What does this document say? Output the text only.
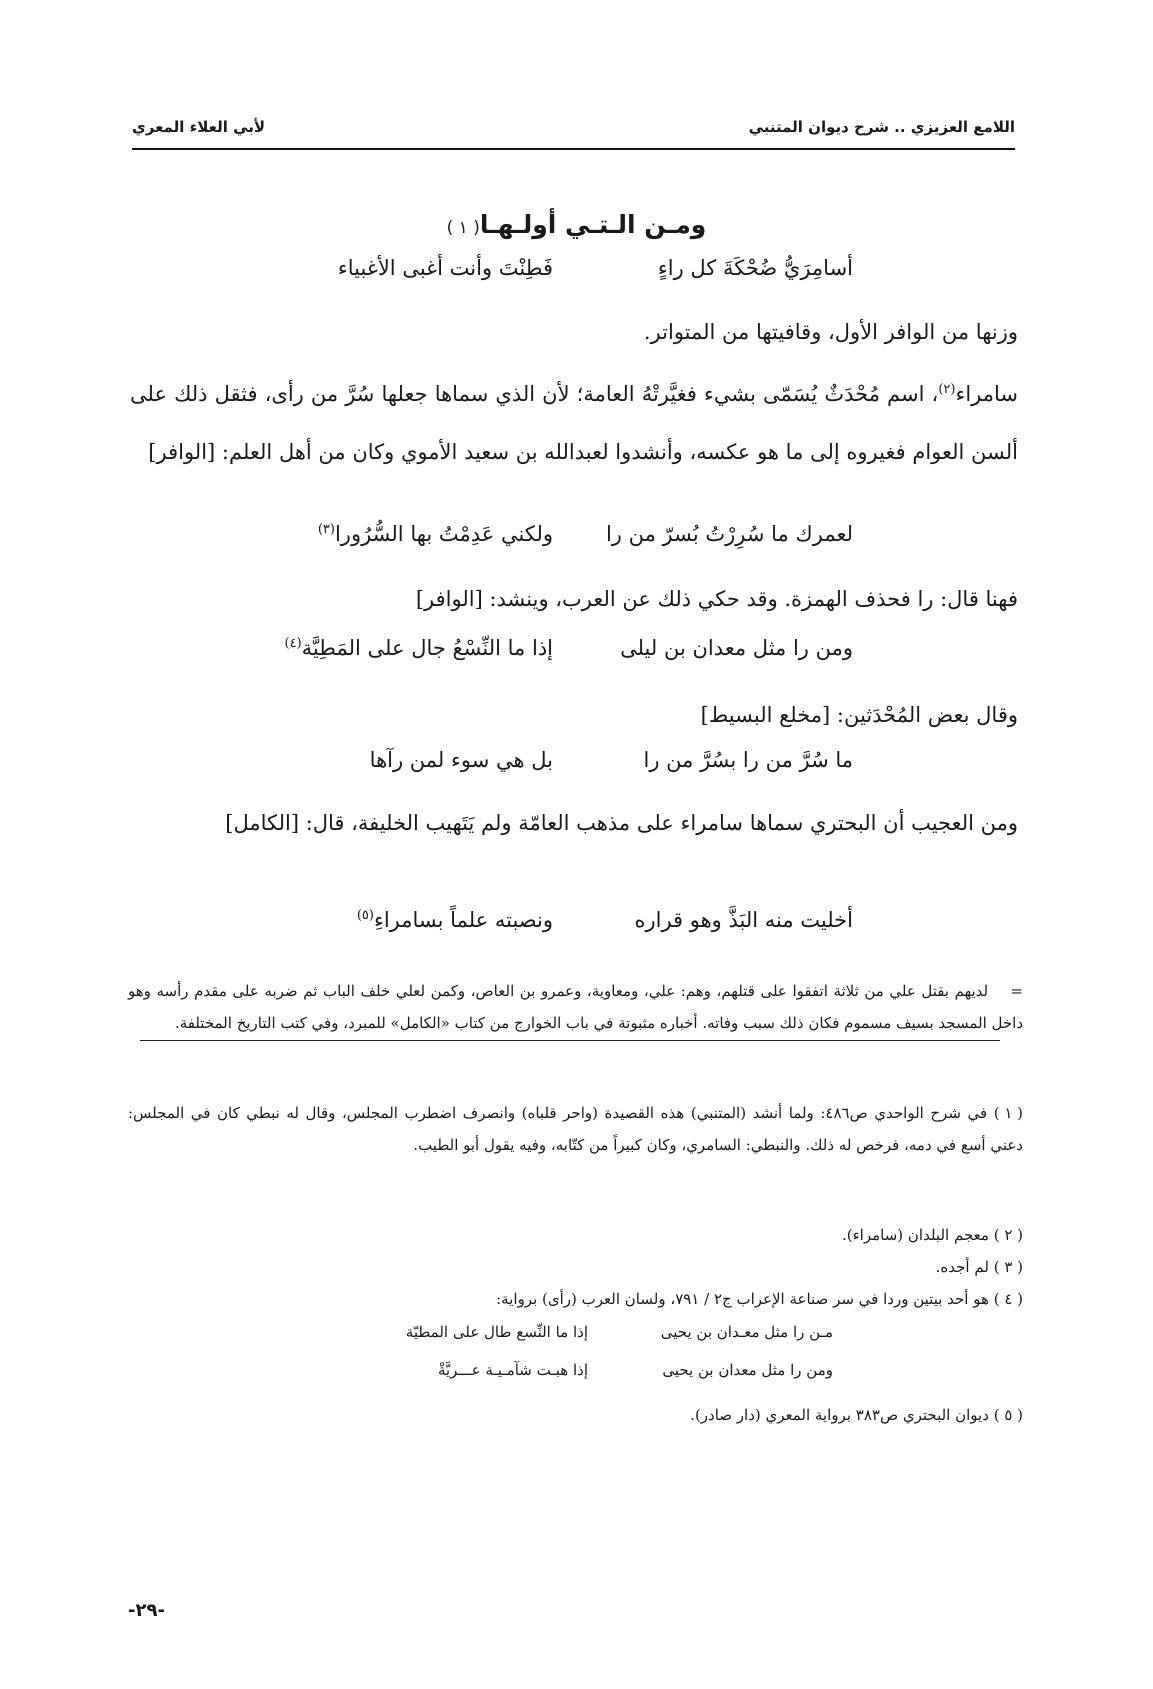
اللامع العزيزي .. شرح ديوان المتنبي
لأبي العلاء المعري
ومـن الـتـي أولـهـا( ١ )
أسامِرَيُّ ضُحْكَةَ كل راءٍ
فَطِنْتَ وأنت أغبى الأغبياء
وزنها من الوافر الأول، وقافيتها من المتواتر.
سامراء$^{(٢)}$، اسم مُحْدَثٌ يُسَمّى بشيء فغيَّرتْهُ العامة؛ لأن الذي سماها جعلها سُرَّ من رأى، فثقل ذلك على ألسن العوام فغيروه إلى ما هو عكسه، وأنشدوا لعبدالله بن سعيد الأموي وكان من أهل العلم: [الوافر]
لعمرك ما سُرِرْتُ بُسرّ من را
ولكني عَدِمْتُ بها السُّرُورا$^{(٣)}$
فهنا قال: را فحذف الهمزة. وقد حكي ذلك عن العرب، وينشد: [الوافر]
ومن را مثل معدان بن ليلى
إذا ما النِّسْعُ جال على المَطِيَّة$^{(٤)}$
وقال بعض المُحْدَثين: [مخلع البسيط]
ما سُرَّ من را بسُرَّ من را
بل هي سوء لمن رآها
ومن العجيب أن البحتري سماها سامراء على مذهب العامّة ولم يَتَهيب الخليفة، قال: [الكامل]
أخليت منه البَذَّ وهو قراره
ونصبته علماً بسامراءِ$^{(٥)}$
=    لديهم بقتل علي من ثلاثة اتفقوا على قتلهم، وهم: علي، ومعاوية، وعمرو بن العاص، وكمن لعلي خلف الباب ثم ضربه على مقدم رأسه وهو داخل المسجد بسيف مسموم فكان ذلك سبب وفاته. أخباره مثبوتة في باب الخوارج من كتاب «الكامل» للمبرد، وفي كتب التاريخ المختلفة.
( ١ ) في شرح الواحدي ص٤٨٦: ولما أنشد (المتنبي) هذه القصيدة (واحر قلباه) وانصرف اضطرب المجلس، وقال له نبطي كان في المجلس: دعني أسع في دمه، فرخص له ذلك. والنبطي: السامري، وكان كبيراً من كتّابه، وفيه يقول أبو الطيب.
( ٢ ) معجم البلدان (سامراء).
( ٣ ) لم أجده.
( ٤ ) هو أحد بيتين وردا في سر صناعة الإعراب ج٢ / ٧٩١، ولسان العرب (رأى) برواية:
مـن را مثل معـدان بن يحيى
إذا ما النِّسع طال على المطيّة
ومن را مثل معدان بن يحيى
إذا هبـت شآمـيـة عـــريَّةْ
( ٥ ) ديوان البحتري ص٣٨٣ برواية المعري (دار صادر).
-٢٩-
